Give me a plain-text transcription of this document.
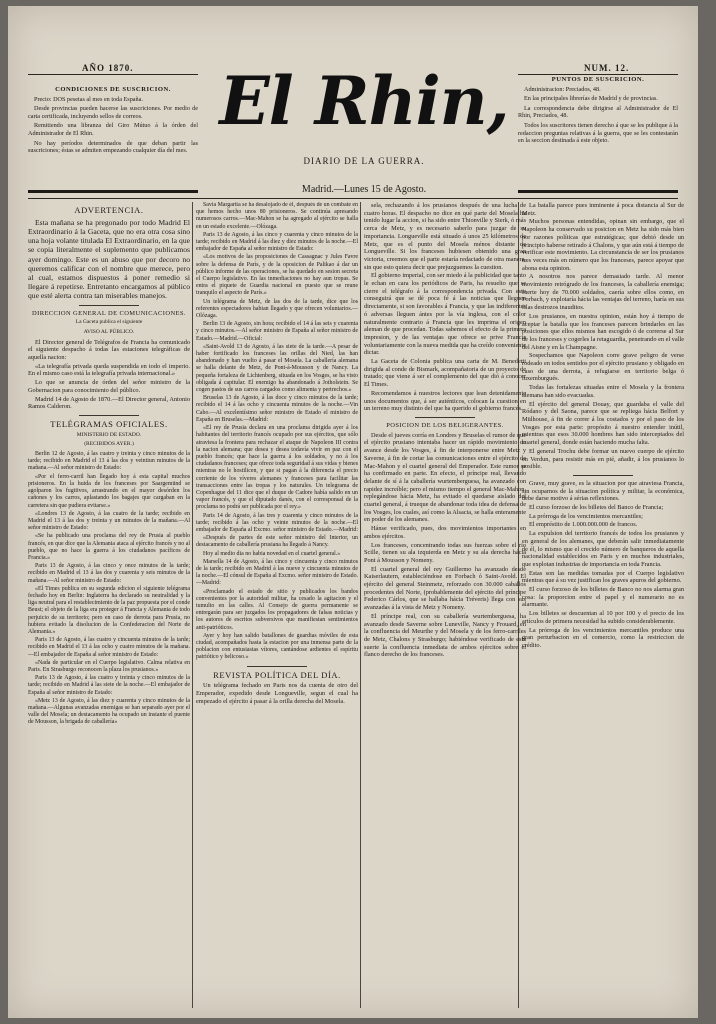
AÑO 1870.	NUM. 12.
CONDICIONES DE SUSCRICION.

Precio: DOS pesetas al mes en toda España.

Desde provincias pueden hacerse las suscriciones. Por medio de carta certificada, incluyendo sellos de correos.

Remitiendo una libranza del Giro Mútuo á la órden del Administrador de El Rhin.

No hay períodos determinados de que deban partir las suscriciones; éstas se admiten empezando cualquier día del mes.

El Rhin,
DIARIO DE LA GUERRA.
PUNTOS DE SUSCRICION.

Administracion: Preciados, 48.

En las principales librerías de Madrid y de provincias.

La correspondencia debe dirigirse al Administrador de El Rhin, Preciados, 48.

Todos los suscritores tienen derecho á que se les publique á la redaccion preguntas relativas á la guerra, que se les contestarán en la seccion destinada á este objeto.

Madrid.—Lunes 15 de Agosto.
ADVERTENCIA.

Esta mañana se ha pregonado por todo Madrid El Extraordinario á la Gaceta, que no era otra cosa sino una hoja volante titulada El Extraordinario, en la que se copia literalmente el suplemento que publicamos ayer domingo. Este es un abuso que por decoro no queremos calificar con el nombre que merece, pero al cual, estamos dispuestos á poner remedio si llegare á repetirse. Entretanto encargamos al público que esté alerta contra tan miserables manejos.

DIRECCION GENERAL DE COMUNICACIONES.
La Gaceta publica el siguiente
AVISO AL PÚBLICO.

El Director general de Telégrafos de Francia ha comunicado el siguiente despacho á todas las estaciones telegráficas de aquella nacion:

«La telegrafía privada queda suspendida en todo el imperio. En el mismo caso está la telegrafía privada internacional.»

Lo que se anuncia de órden del señor ministro de la Gobernacion para conocimiento del público.

Madrid 14 de Agosto de 1870.—El Director general, Antonio Ramos Calderon.

TELÉGRAMAS OFICIALES.
MINISTERIO DE ESTADO.
(RECIBIDOS AYER.)

Berlin 12 de Agosto, á las cuatro y treinta y cinco minutos de la tarde; recibido en Madrid el 13 á las dos y veintiun minutos de la mañana.—Al señor ministro de Estado:

«Por el ferro-carril han llegado hoy á esta capital muchos prisioneros. En la huida de los franceses por Saargemünd se agolparon los fugitivos, arrastrando en el mayor desórden los cañones y los carros, aplastando los bagajes que cargaban en la carretera sin que pudiera evitarse.»

«Londres 13 de Agosto, á las cuatro de la tarde; recibido en Madrid el 13 á las dos y treinta y un minutos de la mañana.—Al señor ministro de Estado:

«Se ha publicado una proclama del rey de Prusia al pueblo francés, en que dice que la Alemania ataca al ejército francés y no al pueblo, que no hace la guerra á los ciudadanos pacíficos de Francia.»

Paris 13 de Agosto, á las cinco y once minutos de la tarde; recibido en Madrid el 13 á las dos y cuarenta y seis minutos de la mañana.—Al señor ministro de Estado:

«El Times publica en su segunda edicion el siguiente telégrama fechado hoy en Berlin: Inglaterra ha declarado su neutralidad y la liga neutral para el restablecimiento de la paz propuesta por el conde Beust; el objeto de la liga era proteger á Francia y Alemania de todo perjuicio de su territorio; pero en caso de derrota para Prusia, no hubiera evitado la disolucion de la Confederacion del Norte de Alemania.»

Paris 13 de Agosto, á las cuatro y cincuenta minutos de la tarde; recibido en Madrid el 13 á las ocho y cuatro minutos de la mañana.—El embajador de España al señor ministro de Estado:

«Nada de particular en el Cuerpo legislativo. Calma relativa en Paris. En Strasburgo reconocen la plaza los prusianos.»

Paris 13 de Agosto, á las cuatro y treinta y cinco minutos de la tarde; recibido en Madrid á las siete de la noche.—El embajador de España al señor ministro de Estado:

«Metz 13 de Agosto, á las diez y cuarenta y cinco minutos de la mañana.—Algunas avanzadas enemigas se han separado ayer por el valle del Mosela; un destacamento ha ocupado un instante el puente de Mousson, la brigada de caballería»

Savia Margarita se ha desalojado de él, después de un combate en que hemos hecho unos 80 prisioneros. Se continúa apresando numerosos carros.—Mac-Mahon se ha agregado al ejército se halla en un estado excelente.—Olózaga.

Paris 13 de Agosto, á las cinco y cuarenta y cinco minutos de la tarde; recibido en Madrid á las diez y diez minutos de la noche.—El embajador de España al señor ministro de Estado:

«Los motivos de las proposiciones de Cassagnac y Jules Favre sobre la defensa de París, y de la oposicion de Palikao á dar un público informe de las operaciones, se ha quedado en sesion secreta el Cuerpo legislativo. En las inmediaciones no hay aun tropas. Se entra el piquete de Guardia nacional en puesto que se reune tranquilo el aspecto de París.»

Un telégrama de Metz, de las dos de la tarde, dice que los referentes espectadores habian llegado y que ofrecen voluntarios.—Olózaga.

Berlin 13 de Agosto, sin hora; recibido el 14 á las seis y cuarenta y cinco minutos.—Al señor ministro de España al señor ministro de Estado.—Madrid.—Oficial:

«Saint-Avold 13 de Agosto, á las siete de la tarde.—A pesar de haber fortificado los franceses las orillas del Nied, las han abandonado y han vuelto á pasar el Mosela. La caballería alemana se halla delante de Metz, de Pont-á-Mousson y de Nancy. La pequeña fortaleza de Lichtenberg, situada en los Vosges, se ha visto obligada á capitular. El enemigo ha abandonado á Jotholstein. Se cogen pastos de sus carros cargados como alimenta y pertrechos.»

Bruselas 13 de Agosto, á las doce y cinco minutos de la tarde; recibido el 14 á las ocho y cincuenta minutos de la noche.—Vin Cabo.—Al excelentísimo señor ministro de Estado el ministro de España en Bruselas.—Madrid:

«El rey de Prusia declara en una proclama dirigida ayer á los habitantes del territorio francés ocupado por sus ejércitos, que sólo atraviesa la frontera para rechazar el ataque de Napoleon III contra la nacion alemana; que desea y desea todavía vivir en paz con el pueblo francés; que hace la guerra á los soldados, y no á los ciudadanos franceses; que ofrece toda seguridad á sus vidas y bienes mientras no le hostilicen, y que si pagan á la diferencia el precio corriente de los víveres alemanes y franceses para facilitar las transacciones entre las tropas y los naturales. Un telegrama de Copenhague del 11 dice que el duque de Cadore había salido en un vapor francés, y que el diputado danés, con el corresponsal de la proclama no podrá ser publicada por el rey.»

Paris 14 de Agosto, á las tres y cuarenta y cinco minutos de la tarde; recibido á las ocho y veinte minutos de la noche.—El embajador de España al Excmo. señor ministro de Estado.—Madrid:

«Después de partes de este señor ministro del Interior, un destacamento de caballería prusiana ha llegado á Nancy.

Hoy al medio dia no habia novedad en el cuartel general.»

Marsella 14 de Agosto, á las cinco y cincuenta y cinco minutos de la tarde; recibido en Madrid á las nueve y cincuenta minutos de la noche.—El cónsul de España al Excmo. señor ministro de Estado.—Madrid:

«Proclamado el estado de sitio y publicados los bandos convenientes por la autoridad militar, ha cesado la agitacion y el tumulto en las calles. Al Consejo de guerra permanente se entregarán para ser juzgados los propagadores de falsas noticias y los autores de escritos subversivos que manifiestan sentimientos anti-patrióticos.

Ayer y hoy han salido batallones de guardias móviles de esta ciudad, acompañados hasta la estacion por una inmensa parte de la poblacion con entusiastas vítores, cantándose ardientes el espíritu patriótico y belicoso.»

REVISTA POLÍTICA DEL DÍA.

Un telégrama fechado en Paris nos da cuenta de otro del Emperador, expedido desde Longueville, segun el cual ha empezado el ejército á pasar á la orilla derecha del Mosela.

sela, rechazando á los prusianos después de una lucha de cuatro horas. El despacho no dice en qué parte del Mosela ha tenido lugar la accion, si ha sido entre Thionville y Sierk, ó más cerca de Metz, y es necesario saberlo para juzgar de su importancia. Longueville está situado á unos 25 kilómetros de Metz, que es el punto del Mosela ménos distante de Longueville. Si los franceses hubiesen obtenido una gran victoria, creemos que el parte estaría redactado de otra manera, sin que esto quiera decir que prejuzguemos la cuestion.

El gobierno imperial, con ser miedo á la publicidad que tanto le echan en cara los periódicos de Paris, ha resuelto que se cierre el telégrafo á la correspondencia privada. Con esto conseguirá que se dé poca fé á las noticias que lleguen directamente, si son favorables á Francia, y que las indiferentes ó adversas lleguen ántes por la vía inglesa, con el color naturalmente contrario á Francia que les imprima el origen aleman de que procedan. Todas sabemos el efecto de la primera impresion, y de las ventajas que ofrece se prive Francia voluntariamente con la nueva medida que ha creído conveniente dictar.

La Gaceta de Colonia publica una carta de M. Benedetti dirigida al conde de Bismark, acompañatoria de un proyecto de tratado; que viene á ser el complemento del que dió á conocer El Times.

Recomendamos á nuestros lectores que lean detenidamente unos documentos que, á ser auténticos, colocan la cuestion en un terreno muy distinto del que ha querido el gobierno francés.

POSICION DE LOS BELIGERANTES.

Desde el jueves corría en Londres y Bruselas el rumor de que el ejército prusiano intentaba hacer un rápido movimiento de avance desde los Vosges, á fin de interponerse entre Metz y Saverne, á fin de cortar las comunicaciones entre el ejército de Mac-Mahon y el cuartel general del Emperador. Este rumor se ha confirmado en parte. En efecto, el príncipe real, llevando delante de sí á la caballería wurtemberguesa, ha avanzado con rapidez increíble; pero el mismo tiempo el general Mac-Mahon, replegándose hácia Metz, ha evitado el quedarse aislado del cuartel general, á trueque de abandonar toda idea de defensa de los Vosges, los cuales, así como la Alsacia, se halla enteramente en poder de los alemanes.

Hánse verificado, pues, dos movimientos importantes en ambos ejércitos.

Los franceses, concentrando todas sus fuerzas sobre el rio Scille, tienen su ala izquierda en Metz y su ala derecha hácia Pont á Mousson y Nomeny.

El cuartel general del rey Guillermo ha avanzado desde Kaiserlautern, estableciéndose en Forbach ó Saint-Avold. El ejército del general Steinmetz, reforzado con 30.000 caballos procedentes del Norte, (probablemente del ejército del príncipe Federico Cárlos, que se hallaba hácia Tréveris) llega con sus avanzadas á la vista de Metz y Nomeny.

El príncipe real, con su caballería wurtemberguesa, ha avanzado desde Saverne sobre Luneville, Nancy y Frouard, en la confluencia del Meurthe y del Mosela y de los ferro-carriles de Metz, Chalons y Strasburgo; habiéndose verificado de esta suerte la confluencia inmediata de ambos ejércitos sobre el flanco derecho de los franceses.

La batalla parece pues inminente á poca distancia al Sur de Metz.

Muchos personas entendidas, opinan sin embargo, que el Napoleon ha conservado su posicion en Metz ha sido más bien por razones políticas que estratégicas; que debió desde un principio haberse retirado á Chalons, y que aún está á tiempo de verificar este movimiento. La circunstancia de ser los prusianos tres veces más en número que los franceses, parece apoyar que abona esta opinion.

A nosotros nos parece demasiado tarde. Al menor movimiento retrógrado de los franceses, la caballería enemiga; fuerte hoy de 70.000 soldados, caería sobre ellos como, en Forbach, y explotaría hácia las ventajas del terreno, haría en sus filas destrozos inauditos.

Los prusianos, en nuestra opinion, están hoy á tiempo de aceptar la batalla que los franceses parecen brindarles en las posiciones que ellos mismos han escogido ó de correrse al Sur de los franceses y cogerles la retaguardia, penetrando en el valle del Aisne y en la Champagne.

Sospechamos que Napoleon corre grave peligro de verse rodeado en todos sentidos por el ejército prusiano y obligado en caso de una derrota, á refugiarse en territorio belga ó luxemburgués.

Todas las fortalezas situadas entre el Mosela y la frontera alemana han sido evacuadas.

El ejército del general Douay, que guardaba el valle del Ródano y del Saona, parece que se repliega hácia Belfort y Mülhouse, á fin de correr á los costados y por el paso de los Vosges por esta parte: propósito á nuestro entender inútil, mientras que esos 30.000 hombres han sido interceptados del cuartel general, donde están haciendo mucha falta.

El general Trochu debe formar un nuevo cuerpo de ejército en Verdun, para resistir más en pié, añadir, á los prusianos lo posible.

Grave, muy grave, es la situacion por que atraviesa Francia, sin ocuparnos de la situacion política y militar, la económica, debe darse motivo á sérias reflexiones.

El curso forzoso de los billetes del Banco de Francia;

La prórroga de los vencimientos mercantiles;

El empréstito de 1.000.000.000 de francos.

La expulsion del territorio francés de todos los prusianos y en general de los alemanes, que deberán salir inmediatamente de él, lo mismo que el crecido número de banqueros de aquella nacionalidad establecidos en Paris y en muchos industriales, que explotan industrias de importancia en toda Francia.

Estas son las medidas tomadas por el Cuerpo legislativo mientras que á su vez justifican los graves apuros del gobierno.

El curso forzoso de los billetes de Banco no nos alarma gran cosa: la proporcion entre el papel y el numerario no es alarmante.

Los billetes se descuentan al 10 por 100 y el precio de los artículos de primera necesidad ha subido considerablemente.

La prórroga de los vencimientos mercantiles produce una gran perturbacion en el comercio, como la restriccion de crédito.
